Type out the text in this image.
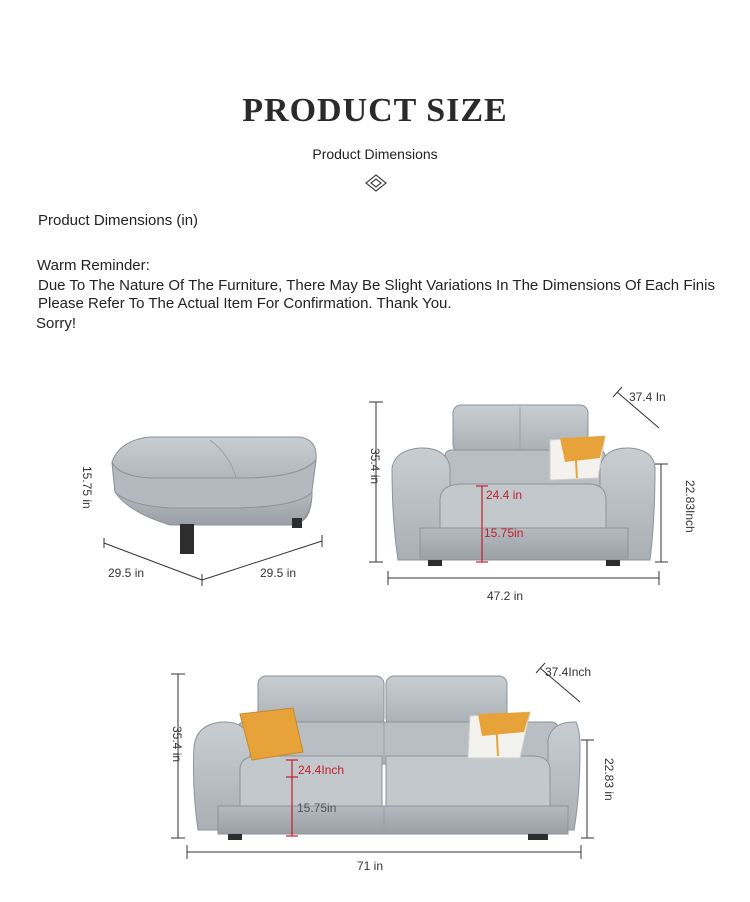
PRODUCT SIZE
Product Dimensions
Product Dimensions (in)
Warm Reminder:
Due To The Nature Of The Furniture, There May Be Slight Variations In The Dimensions Of Each Finis
Please Refer To The Actual Item For Confirmation. Thank You.
Sorry!
29.5 in	29.5 in
15.75 in	35.4 in
47.2 in
22.83Inch
37.4 In
24.4 in
15.75in
35.4 in
71 in
22.83 in
37.4Inch
24.4Inch
15.75in
